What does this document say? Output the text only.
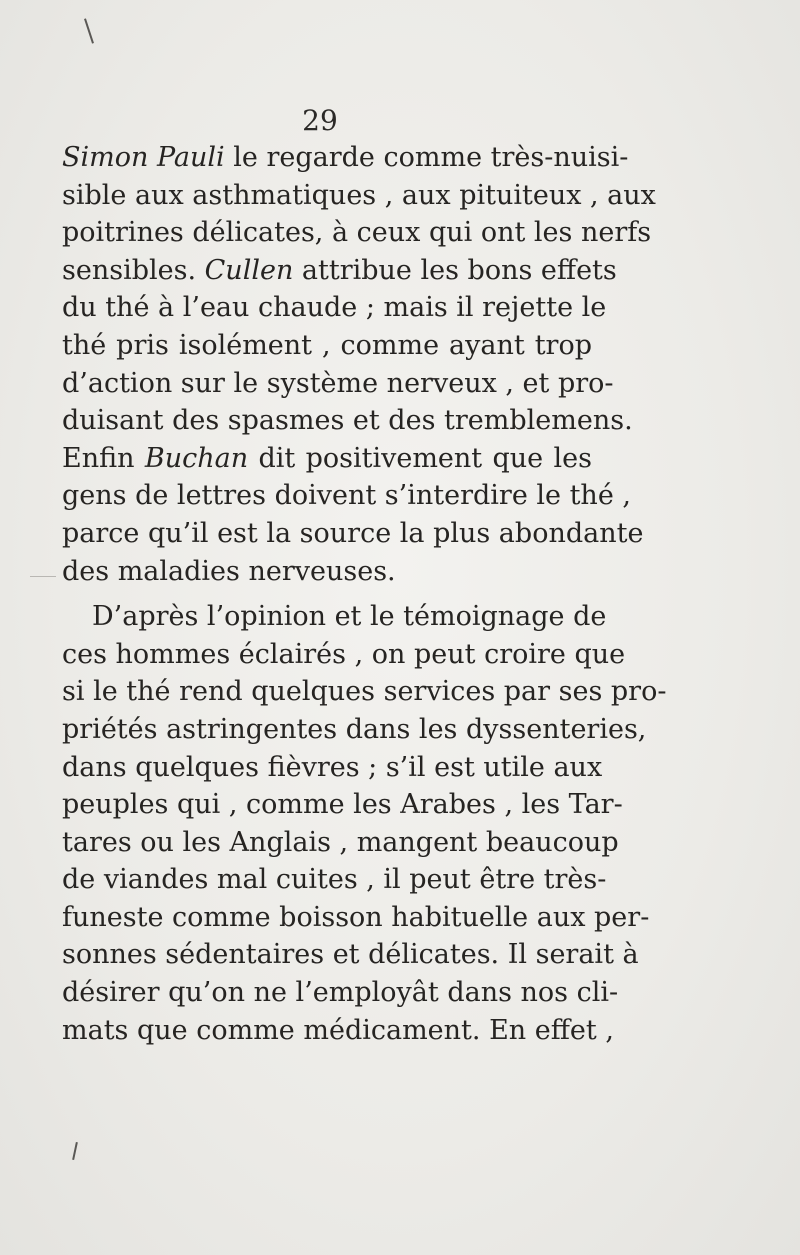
29
Simon Pauli le regarde comme très-nuisi-
sible aux asthmatiques , aux pituiteux , aux
poitrines délicates, à ceux qui ont les nerfs
sensibles. Cullen attribue les bons effets
du thé à l’eau chaude ; mais il rejette le
thé pris isolément , comme ayant trop
d’action sur le système nerveux , et pro-
duisant des spasmes et des tremblemens.
Enfin Buchan dit positivement que les
gens de lettres doivent s’interdire le thé ,
parce qu’il est la source la plus abondante
des maladies nerveuses.
D’après l’opinion et le témoignage de
ces hommes éclairés , on peut croire que
si le thé rend quelques services par ses pro-
priétés astringentes dans les dyssenteries,
dans quelques fièvres ; s’il est utile aux
peuples qui , comme les Arabes , les Tar-
tares ou les Anglais , mangent beaucoup
de viandes mal cuites , il peut être très-
funeste comme boisson habituelle aux per-
sonnes sédentaires et délicates. Il serait à
désirer qu’on ne l’employât dans nos cli-
mats que comme médicament. En effet ,
